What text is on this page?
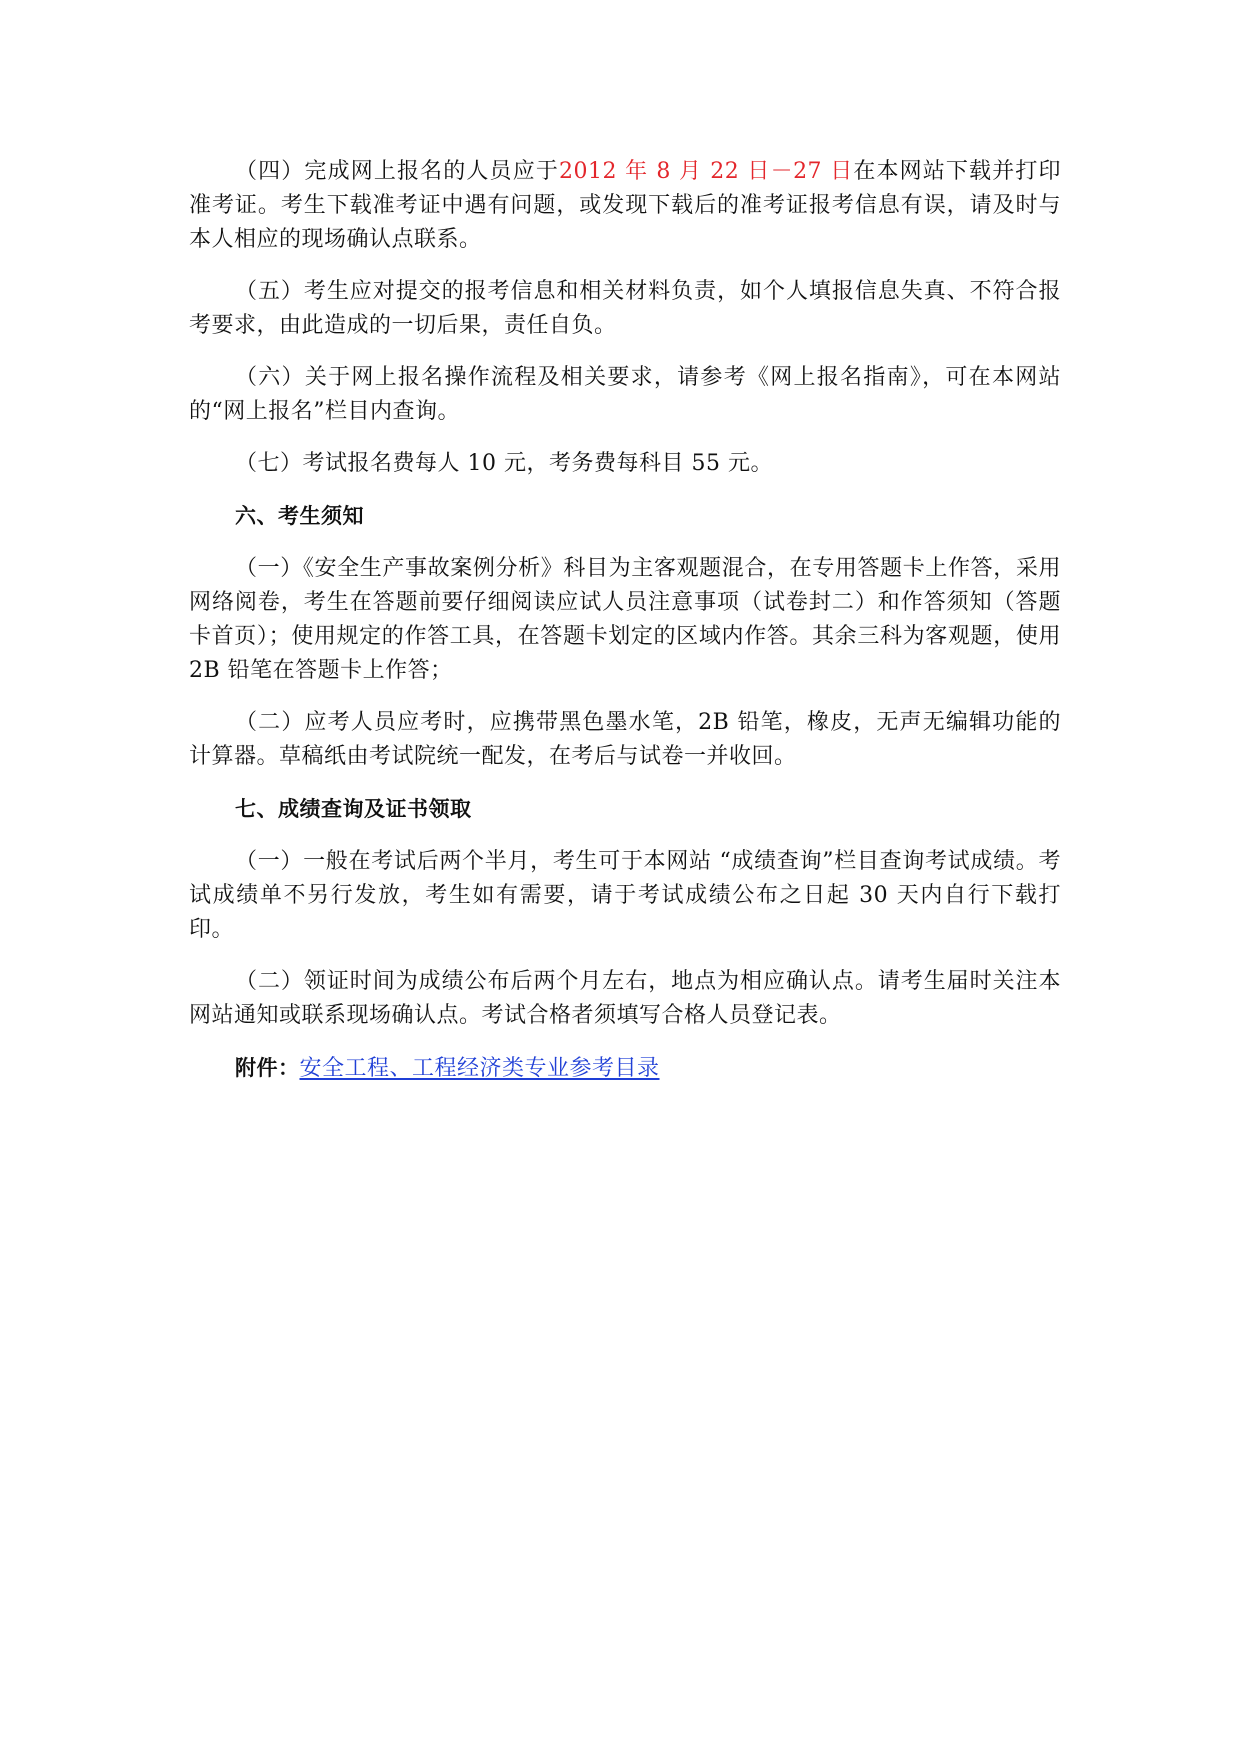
（四）完成网上报名的人员应于2012 年 8 月 22 日－27 日在本网站下载并打印准考证。考生下载准考证中遇有问题，或发现下载后的准考证报考信息有误，请及时与本人相应的现场确认点联系。

（五）考生应对提交的报考信息和相关材料负责，如个人填报信息失真、不符合报考要求，由此造成的一切后果，责任自负。

（六）关于网上报名操作流程及相关要求，请参考《网上报名指南》，可在本网站的“网上报名”栏目内查询。

（七）考试报名费每人 10 元，考务费每科目 55 元。

六、考生须知

（一）《安全生产事故案例分析》科目为主客观题混合，在专用答题卡上作答，采用网络阅卷，考生在答题前要仔细阅读应试人员注意事项（试卷封二）和作答须知（答题卡首页）；使用规定的作答工具，在答题卡划定的区域内作答。其余三科为客观题，使用 2B 铅笔在答题卡上作答；

（二）应考人员应考时，应携带黑色墨水笔，2B 铅笔，橡皮，无声无编辑功能的计算器。草稿纸由考试院统一配发，在考后与试卷一并收回。

七、成绩查询及证书领取

（一）一般在考试后两个半月，考生可于本网站 “成绩查询”栏目查询考试成绩。考试成绩单不另行发放，考生如有需要，请于考试成绩公布之日起 30 天内自行下载打印。

（二）领证时间为成绩公布后两个月左右，地点为相应确认点。请考生届时关注本网站通知或联系现场确认点。考试合格者须填写合格人员登记表。

附件：安全工程、工程经济类专业参考目录
